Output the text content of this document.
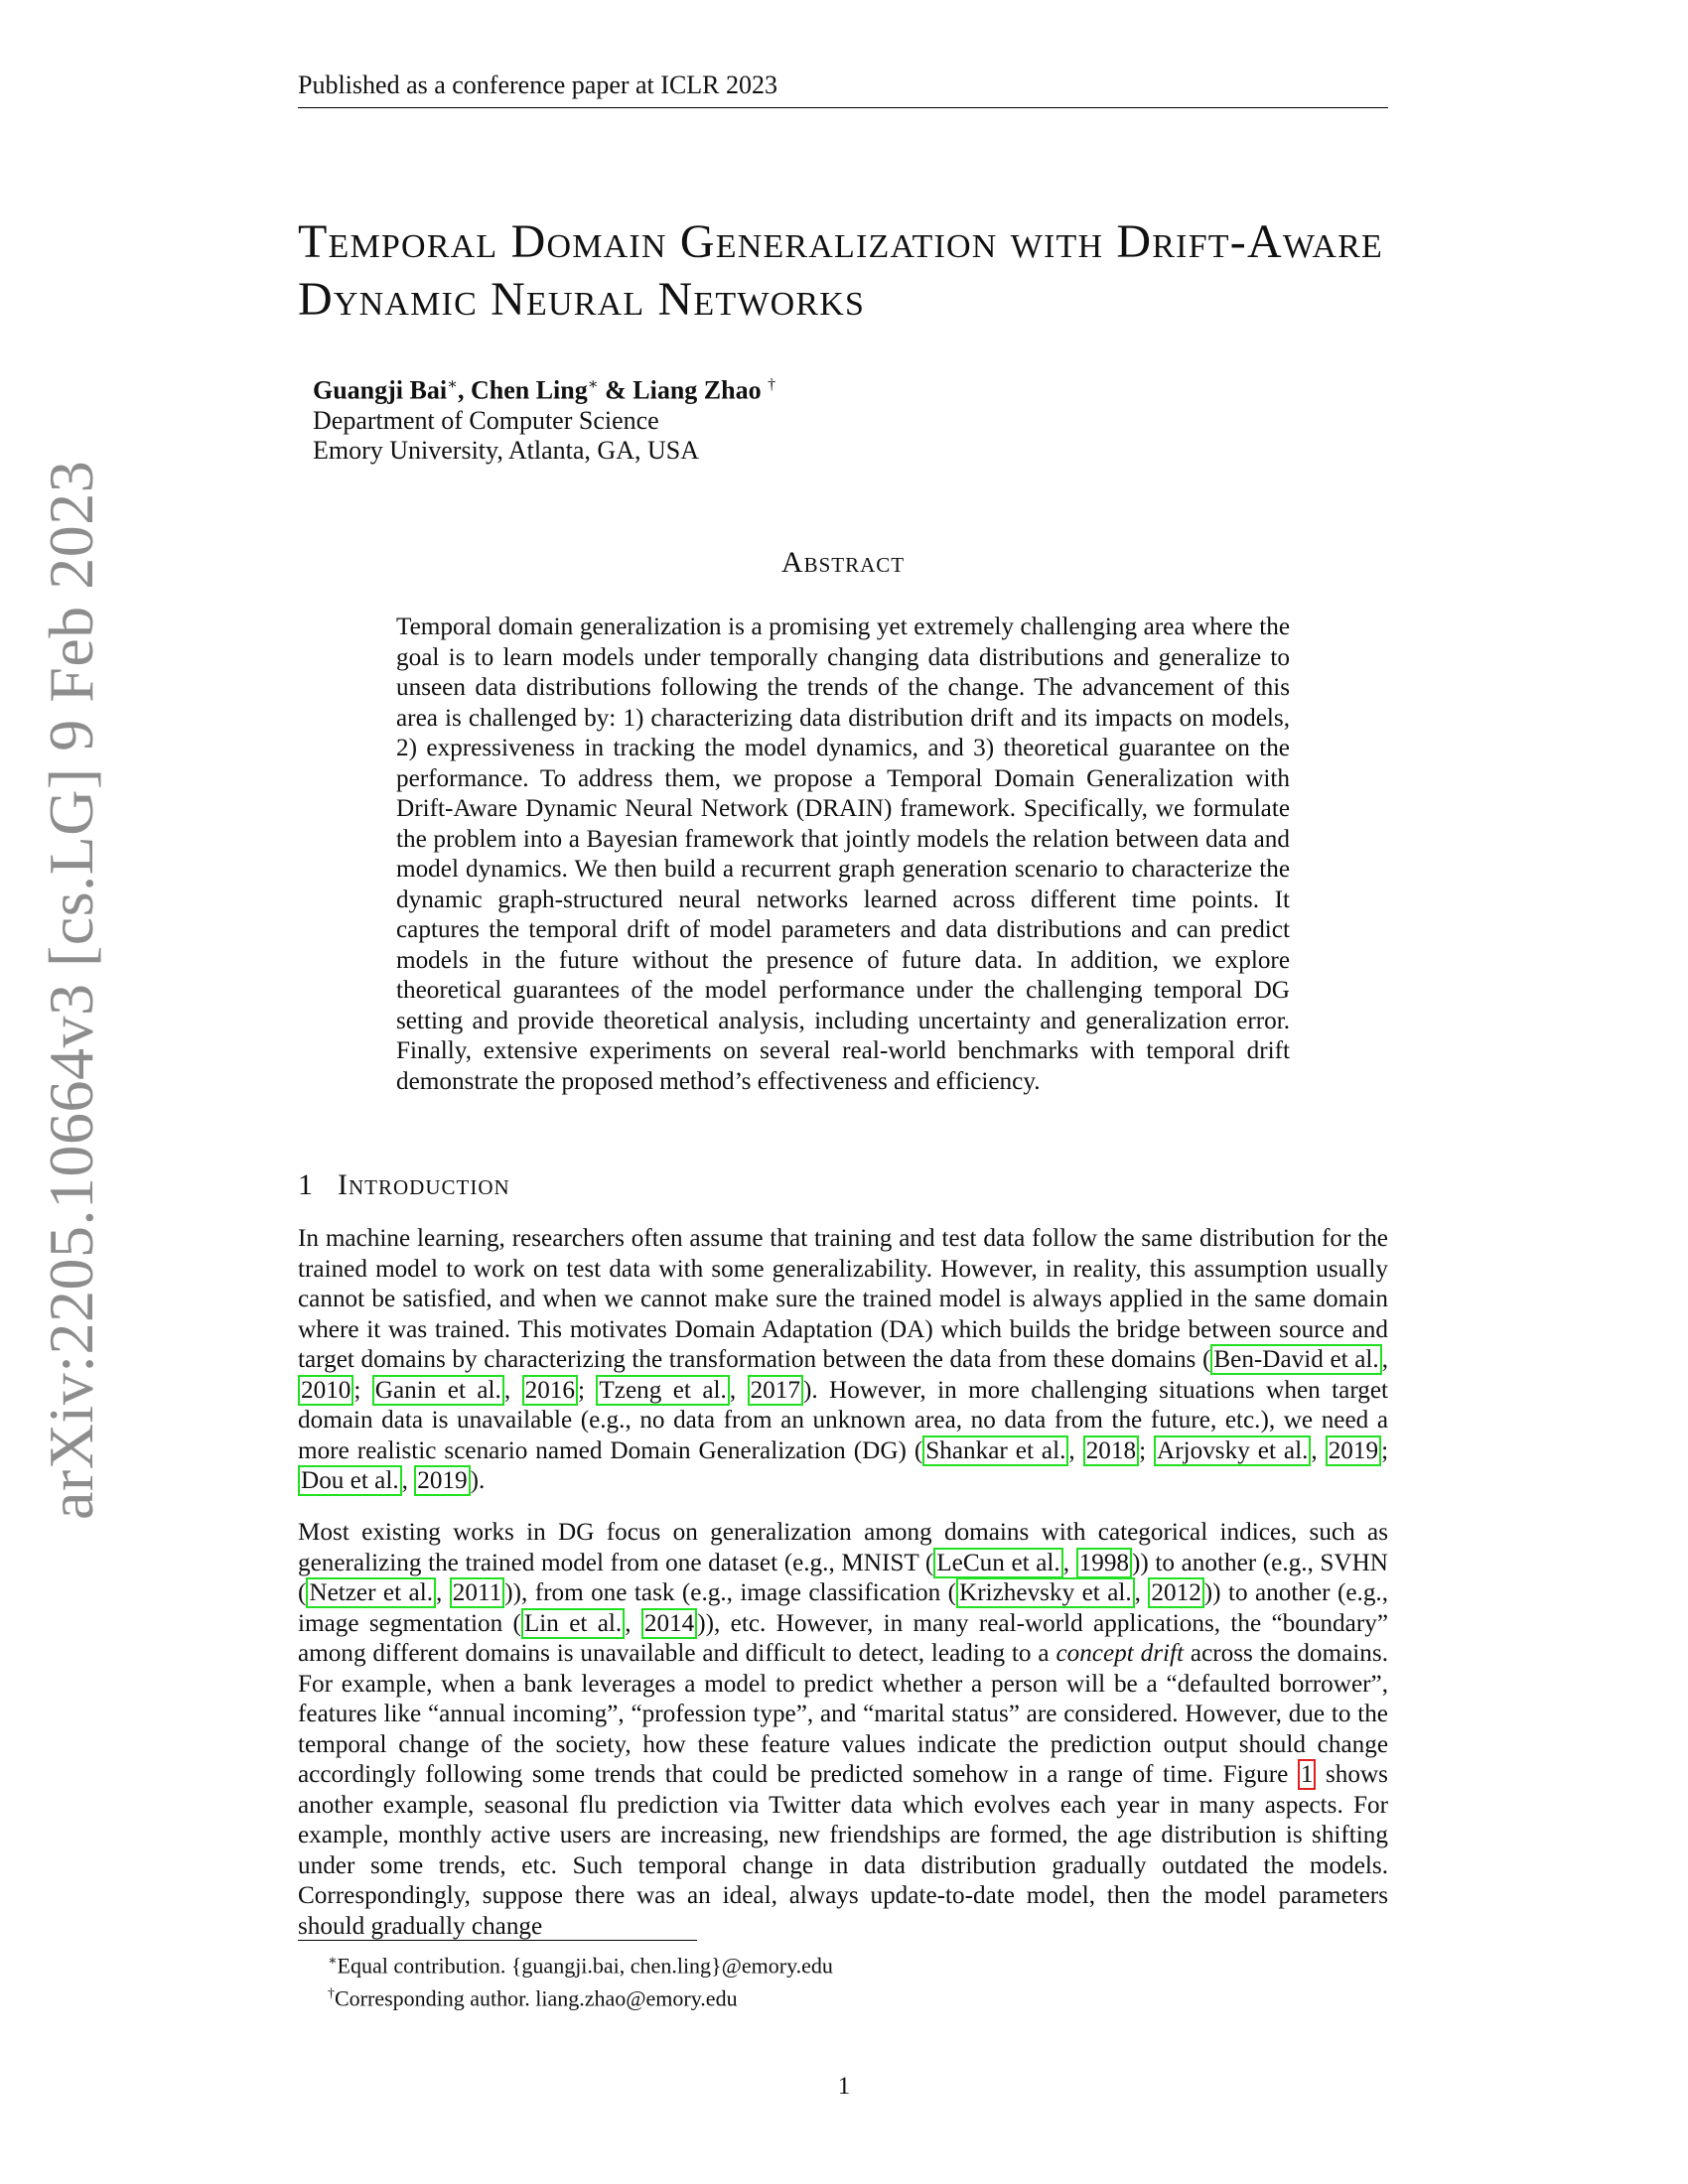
arXiv:2205.10664v3 [cs.LG] 9 Feb 2023
Published as a conference paper at ICLR 2023
Temporal Domain Generalization with Drift-Aware Dynamic Neural Networks
Guangji Bai∗, Chen Ling∗ & Liang Zhao †
Department of Computer Science
Emory University, Atlanta, GA, USA
Abstract
Temporal domain generalization is a promising yet extremely challenging area where the goal is to learn models under temporally changing data distributions and generalize to unseen data distributions following the trends of the change. The advancement of this area is challenged by: 1) characterizing data distribution drift and its impacts on models, 2) expressiveness in tracking the model dynamics, and 3) theoretical guarantee on the performance. To address them, we propose a Temporal Domain Generalization with Drift-Aware Dynamic Neural Network (DRAIN) framework. Specifically, we formulate the problem into a Bayesian framework that jointly models the relation between data and model dynamics. We then build a recurrent graph generation scenario to characterize the dynamic graph-structured neural networks learned across different time points. It captures the temporal drift of model parameters and data distributions and can predict models in the future without the presence of future data. In addition, we explore theoretical guarantees of the model performance under the challenging temporal DG setting and provide theoretical analysis, including uncertainty and generalization error. Finally, extensive experiments on several real-world benchmarks with temporal drift demonstrate the proposed method’s effectiveness and efficiency.
1 Introduction
In machine learning, researchers often assume that training and test data follow the same distribution for the trained model to work on test data with some generalizability. However, in reality, this assumption usually cannot be satisfied, and when we cannot make sure the trained model is always applied in the same domain where it was trained. This motivates Domain Adaptation (DA) which builds the bridge between source and target domains by characterizing the transformation between the data from these domains ( Ben-David et al. , 2010 ; Ganin et al. , 2016 ; Tzeng et al. , 2017 ). However, in more challenging situations when target domain data is unavailable (e.g., no data from an unknown area, no data from the future, etc.), we need a more realistic scenario named Domain Generalization (DG) ( Shankar et al. , 2018 ; Arjovsky et al. , 2019 ; Dou et al. , 2019 ).
Most existing works in DG focus on generalization among domains with categorical indices, such as generalizing the trained model from one dataset (e.g., MNIST ( LeCun et al. , 1998 )) to another (e.g., SVHN ( Netzer et al. , 2011 )), from one task (e.g., image classification ( Krizhevsky et al. , 2012 )) to another (e.g., image segmentation ( Lin et al. , 2014 )), etc. However, in many real-world applications, the “boundary” among different domains is unavailable and difficult to detect, leading to a concept drift across the domains. For example, when a bank leverages a model to predict whether a person will be a “defaulted borrower”, features like “annual incoming”, “profession type”, and “marital status” are considered. However, due to the temporal change of the society, how these feature values indicate the prediction output should change accordingly following some trends that could be predicted somehow in a range of time. Figure 1 shows another example, seasonal flu prediction via Twitter data which evolves each year in many aspects. For example, monthly active users are increasing, new friendships are formed, the age distribution is shifting under some trends, etc. Such temporal change in data distribution gradually outdated the models. Correspondingly, suppose there was an ideal, always update-to-date model, then the model parameters should gradually change
∗Equal contribution. {guangji.bai, chen.ling}@emory.edu
†Corresponding author. liang.zhao@emory.edu
1
